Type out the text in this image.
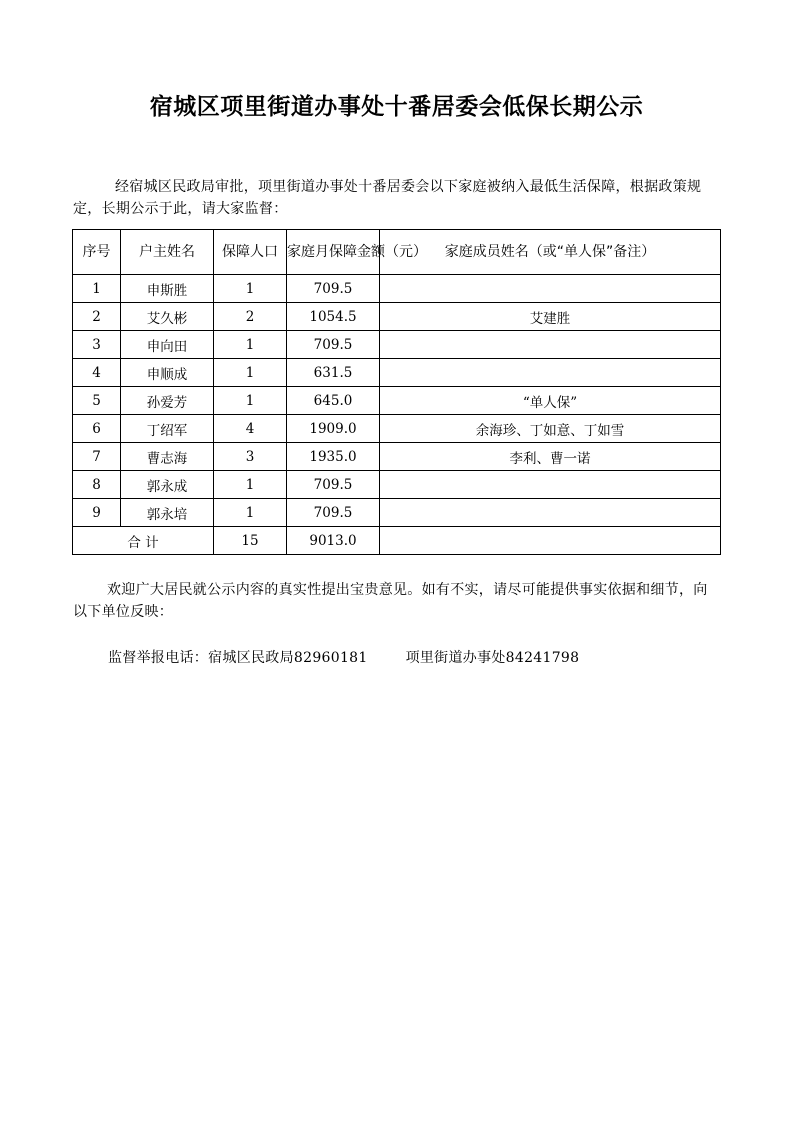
宿城区项里街道办事处十番居委会低保长期公示
经宿城区民政局审批，项里街道办事处十番居委会以下家庭被纳入最低生活保障，根据政策规定，长期公示于此，请大家监督：
序号	户主姓名	保障人口	家庭月保障金额（元）	家庭成员姓名（或“单人保”备注）
1	申斯胜	1	709.5	
2	艾久彬	2	1054.5	艾建胜
3	申向田	1	709.5	
4	申顺成	1	631.5	
5	孙爱芳	1	645.0	“单人保”
6	丁绍军	4	1909.0	余海珍、丁如意、丁如雪
7	曹志海	3	1935.0	李利、曹一诺
8	郭永成	1	709.5	
9	郭永培	1	709.5	
合 计		15	9013.0	
欢迎广大居民就公示内容的真实性提出宝贵意见。如有不实，请尽可能提供事实依据和细节，向以下单位反映：
监督举报电话：宿城区民政局82960181	项里街道办事处84241798
